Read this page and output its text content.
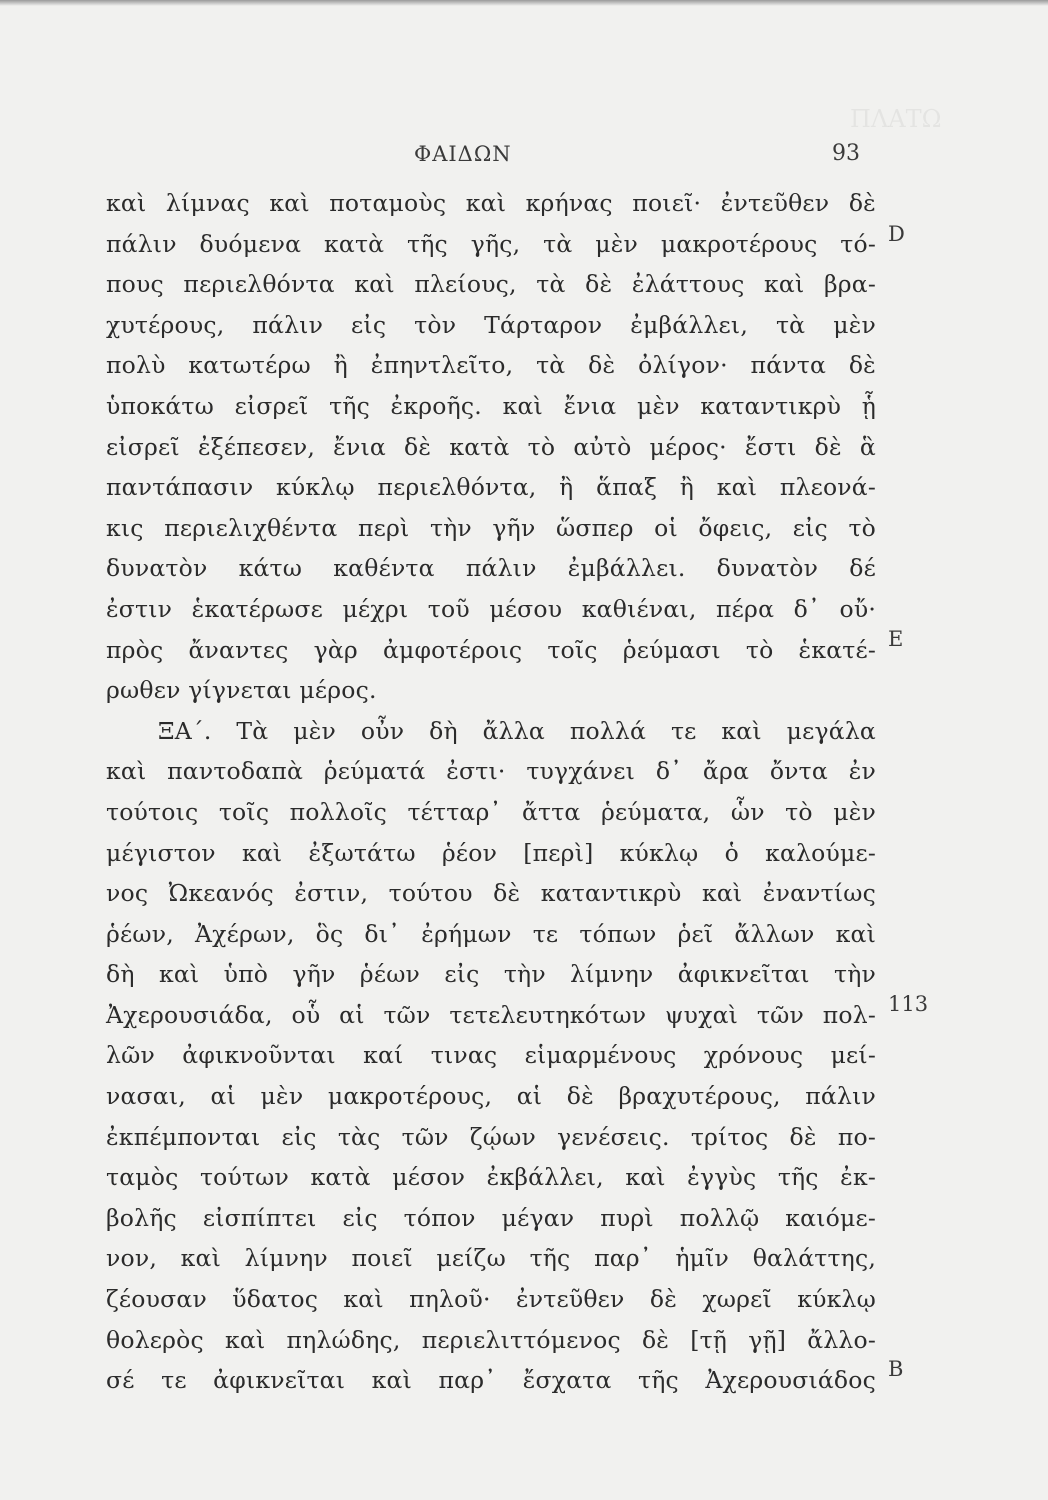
ΠΛΑΤΩ
ΦΑΙΔΩΝ	93
καὶ λίμνας καὶ ποταμοὺς καὶ κρήνας ποιεῖ· ἐντεῦθεν δὲ
πάλιν δυόμενα κατὰ τῆς γῆς, τὰ μὲν μακροτέρους τό-
πους περιελθόντα καὶ πλείους, τὰ δὲ ἐλάττους καὶ βρα-
χυτέρους, πάλιν εἰς τὸν Τάρταρον ἐμβάλλει, τὰ μὲν
πολὺ κατωτέρω ἢ ἐπηντλεῖτο, τὰ δὲ ὀλίγον· πάντα δὲ
ὑποκάτω εἰσρεῖ τῆς ἐκροῆς. καὶ ἔνια μὲν καταντικρὺ ᾗ
εἰσρεῖ ἐξέπεσεν, ἔνια δὲ κατὰ τὸ αὐτὸ μέρος· ἔστι δὲ ἃ
παντάπασιν κύκλῳ περιελθόντα, ἢ ἅπαξ ἢ καὶ πλεονά-
κις περιελιχθέντα περὶ τὴν γῆν ὥσπερ οἱ ὄφεις, εἰς τὸ
δυνατὸν κάτω καθέντα πάλιν ἐμβάλλει. δυνατὸν δέ
ἐστιν ἑκατέρωσε μέχρι τοῦ μέσου καθιέναι, πέρα δ᾽ οὔ·
πρὸς ἄναντες γὰρ ἀμφοτέροις τοῖς ῥεύμασι τὸ ἑκατέ-
ρωθεν γίγνεται μέρος.
ΞΑ΄. Τὰ μὲν οὖν δὴ ἄλλα πολλά τε καὶ μεγάλα
καὶ παντοδαπὰ ῥεύματά ἐστι· τυγχάνει δ᾽ ἄρα ὄντα ἐν
τούτοις τοῖς πολλοῖς τέτταρ᾽ ἄττα ῥεύματα, ὧν τὸ μὲν
μέγιστον καὶ ἐξωτάτω ῥέον [περὶ] κύκλῳ ὁ καλούμε-
νος Ὠκεανός ἐστιν, τούτου δὲ καταντικρὺ καὶ ἐναντίως
ῥέων, Ἀχέρων, ὃς δι᾽ ἐρήμων τε τόπων ῥεῖ ἄλλων καὶ
δὴ καὶ ὑπὸ γῆν ῥέων εἰς τὴν λίμνην ἀφικνεῖται τὴν
Ἀχερουσιάδα, οὗ αἱ τῶν τετελευτηκότων ψυχαὶ τῶν πολ-
λῶν ἀφικνοῦνται καί τινας εἱμαρμένους χρόνους μεί-
νασαι, αἱ μὲν μακροτέρους, αἱ δὲ βραχυτέρους, πάλιν
ἐκπέμπονται εἰς τὰς τῶν ζῴων γενέσεις. τρίτος δὲ πο-
ταμὸς τούτων κατὰ μέσον ἐκβάλλει, καὶ ἐγγὺς τῆς ἐκ-
βολῆς εἰσπίπτει εἰς τόπον μέγαν πυρὶ πολλῷ καιόμε-
νον, καὶ λίμνην ποιεῖ μείζω τῆς παρ᾽ ἡμῖν θαλάττης,
ζέουσαν ὕδατος καὶ πηλοῦ· ἐντεῦθεν δὲ χωρεῖ κύκλῳ
θολερὸς καὶ πηλώδης, περιελιττόμενος δὲ [τῇ γῇ] ἄλλο-
σέ τε ἀφικνεῖται καὶ παρ᾽ ἔσχατα τῆς Ἀχερουσιάδος
D
E
113
B
